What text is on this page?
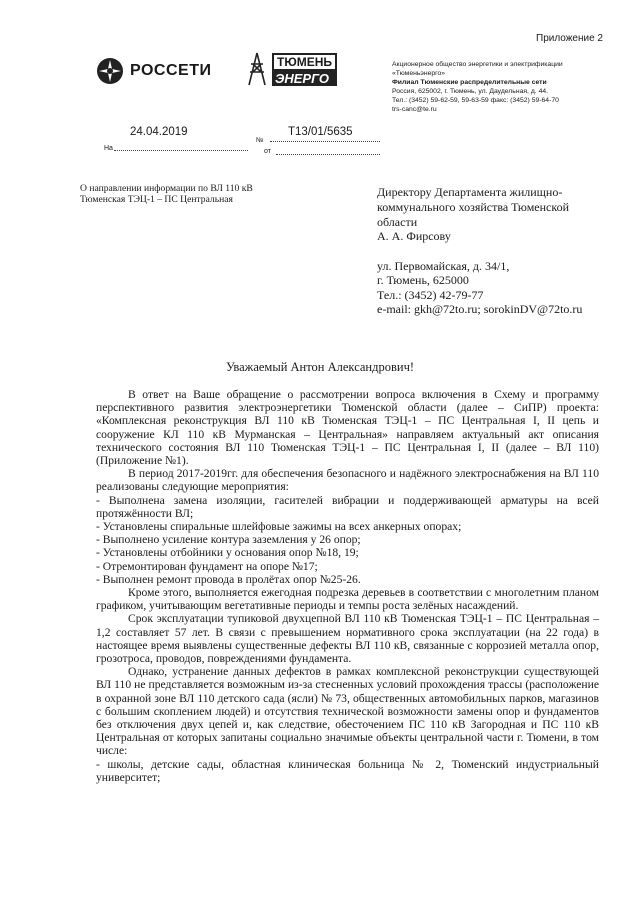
Приложение 2
РОССЕТИ
ТЮМЕНЬ
ЭНЕРГО
Акционерное общество энергетики и электрификации
«Тюменьэнерго»
Филиал Тюменские распределительные сети
Россия, 625002, г. Тюмень, ул. Даудельная, д. 44.
Тел.: (3452) 59-62-59, 59-63-59 факс: (3452) 59-64-70
trs-canc@te.ru
24.04.2019
№
Т13/01/5635
На	от
О направлении информации по ВЛ 110 кВ Тюменская ТЭЦ-1 – ПС Центральная
Директору Департамента жилищно-
коммунального хозяйства Тюменской
области
А. А. Фирсову
ул. Первомайская, д. 34/1,
г. Тюмень, 625000
Тел.: (3452) 42-79-77
e-mail: gkh@72to.ru; sorokinDV@72to.ru
Уважаемый Антон Александрович!

В ответ на Ваше обращение о рассмотрении вопроса включения в Схему и программу перспективного развития электроэнергетики Тюменской области (далее – СиПР) проекта: «Комплексная реконструкция ВЛ 110 кВ Тюменская ТЭЦ-1 – ПС Центральная I, II цепь и сооружение КЛ 110 кВ Мурманская – Центральная» направляем актуальный акт описания технического состояния ВЛ 110 Тюменская ТЭЦ-1 – ПС Центральная I, II (далее – ВЛ 110) (Приложение №1).

В период 2017-2019гг. для обеспечения безопасного и надёжного электроснабжения на ВЛ 110 реализованы следующие мероприятия:

- Выполнена замена изоляции, гасителей вибрации и поддерживающей арматуры на всей протяжённости ВЛ;

- Установлены спиральные шлейфовые зажимы на всех анкерных опорах;

- Выполнено усиление контура заземления у 26 опор;

- Установлены отбойники у основания опор №18, 19;

- Отремонтирован фундамент на опоре №17;

- Выполнен ремонт провода в пролётах опор №25-26.

Кроме этого, выполняется ежегодная подрезка деревьев в соответствии с многолетним планом графиком, учитывающим вегетативные периоды и темпы роста зелёных насаждений.

Срок эксплуатации тупиковой двухцепной ВЛ 110 кВ Тюменская ТЭЦ-1 – ПС Центральная – 1,2 составляет 57 лет. В связи с превышением нормативного срока эксплуатации (на 22 года) в настоящее время выявлены существенные дефекты ВЛ 110 кВ, связанные с коррозией металла опор, грозотроса, проводов, повреждениями фундамента.

Однако, устранение данных дефектов в рамках комплексной реконструкции существующей ВЛ 110 не представляется возможным из-за стесненных условий прохождения трассы (расположение в охранной зоне ВЛ 110 детского сада (ясли) № 73, общественных автомобильных парков, магазинов с большим скоплением людей) и отсутствия технической возможности замены опор и фундаментов без отключения двух цепей и, как следствие, обесточением ПС 110 кВ Загородная и ПС 110 кВ Центральная от которых запитаны социально значимые объекты центральной части г. Тюмени, в том числе:

- школы, детские сады, областная клиническая больница № 2, Тюменский индустриальный университет;
